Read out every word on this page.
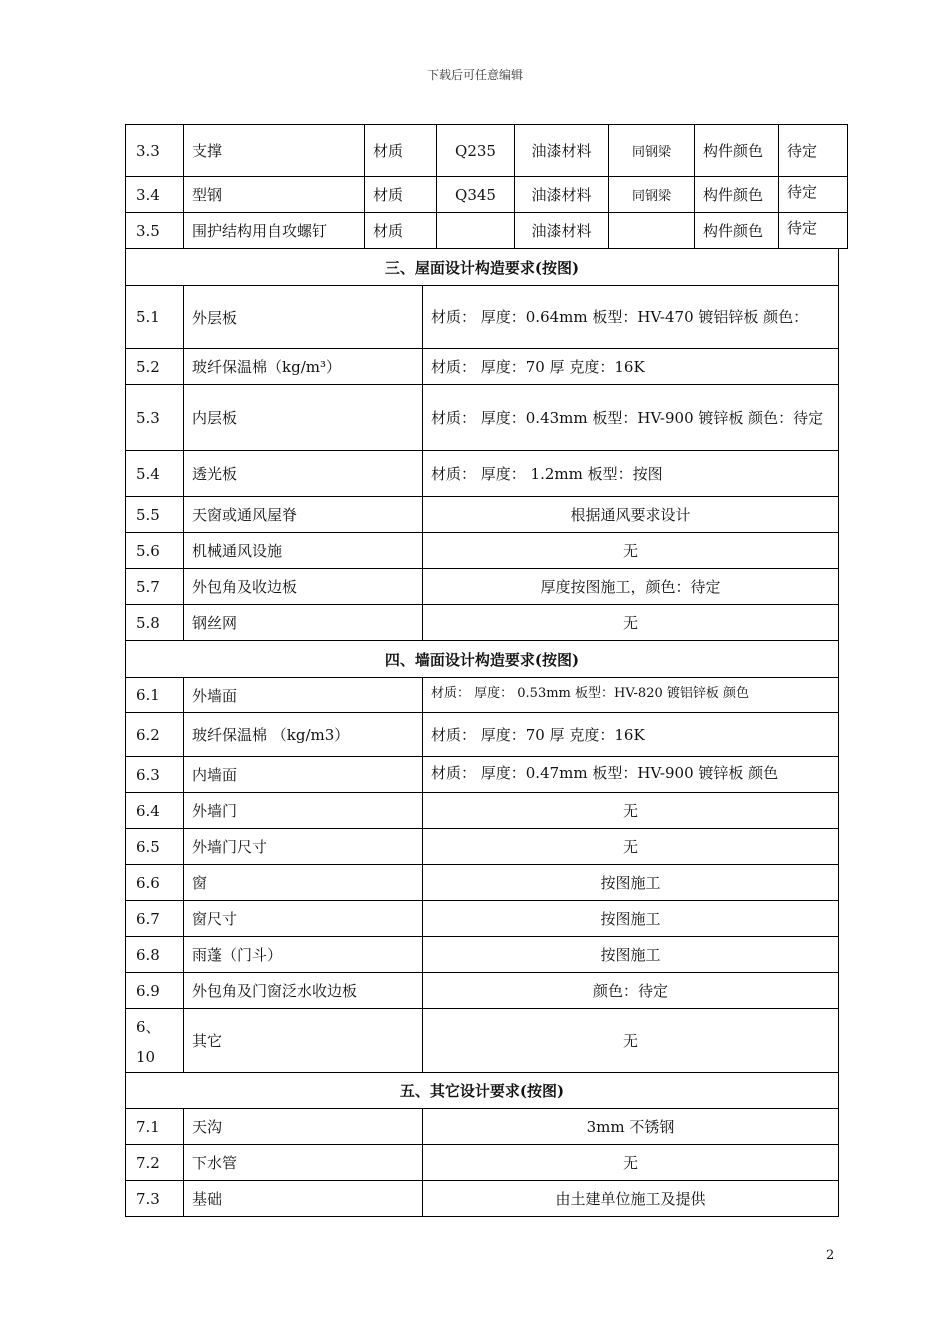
下载后可任意编辑
3.3	支撑	材质	Q235	油漆材料	同钢梁	构件颜色	待定
3.4	型钢	材质	Q345	油漆材料	同钢梁	构件颜色	待定
3.5	围护结构用自攻螺钉	材质		油漆材料		构件颜色	待定
三、屋面设计构造要求(按图)		
5.1	外层板	材质： 厚度：0.64mm 板型：HV-470 镀铝锌板 颜色：
5.2	玻纤保温棉（kg/m³）	材质： 厚度：70 厚 克度：16K
5.3	内层板	材质： 厚度：0.43mm 板型：HV-900 镀锌板 颜色：待定
5.4	透光板	材质： 厚度： 1.2mm 板型：按图
5.5	天窗或通风屋脊	根据通风要求设计
5.6	机械通风设施	无
5.7	外包角及收边板	厚度按图施工，颜色：待定
5.8	钢丝网	无
四、墙面设计构造要求(按图)		
6.1	外墙面	材质： 厚度： 0.53mm 板型：HV-820 镀铝锌板 颜色
6.2	玻纤保温棉 （kg/m3）	材质： 厚度：70 厚 克度：16K
6.3	内墙面	材质： 厚度：0.47mm 板型：HV-900 镀锌板 颜色
6.4	外墙门	无
6.5	外墙门尺寸	无
6.6	窗	按图施工
6.7	窗尺寸	按图施工
6.8	雨蓬（门斗）	按图施工
6.9	外包角及门窗泛水收边板	颜色：待定
6、10	其它	无
五、其它设计要求(按图)		
7.1	天沟	3mm 不锈钢
7.2	下水管	无
7.3	基础	由土建单位施工及提供
2
